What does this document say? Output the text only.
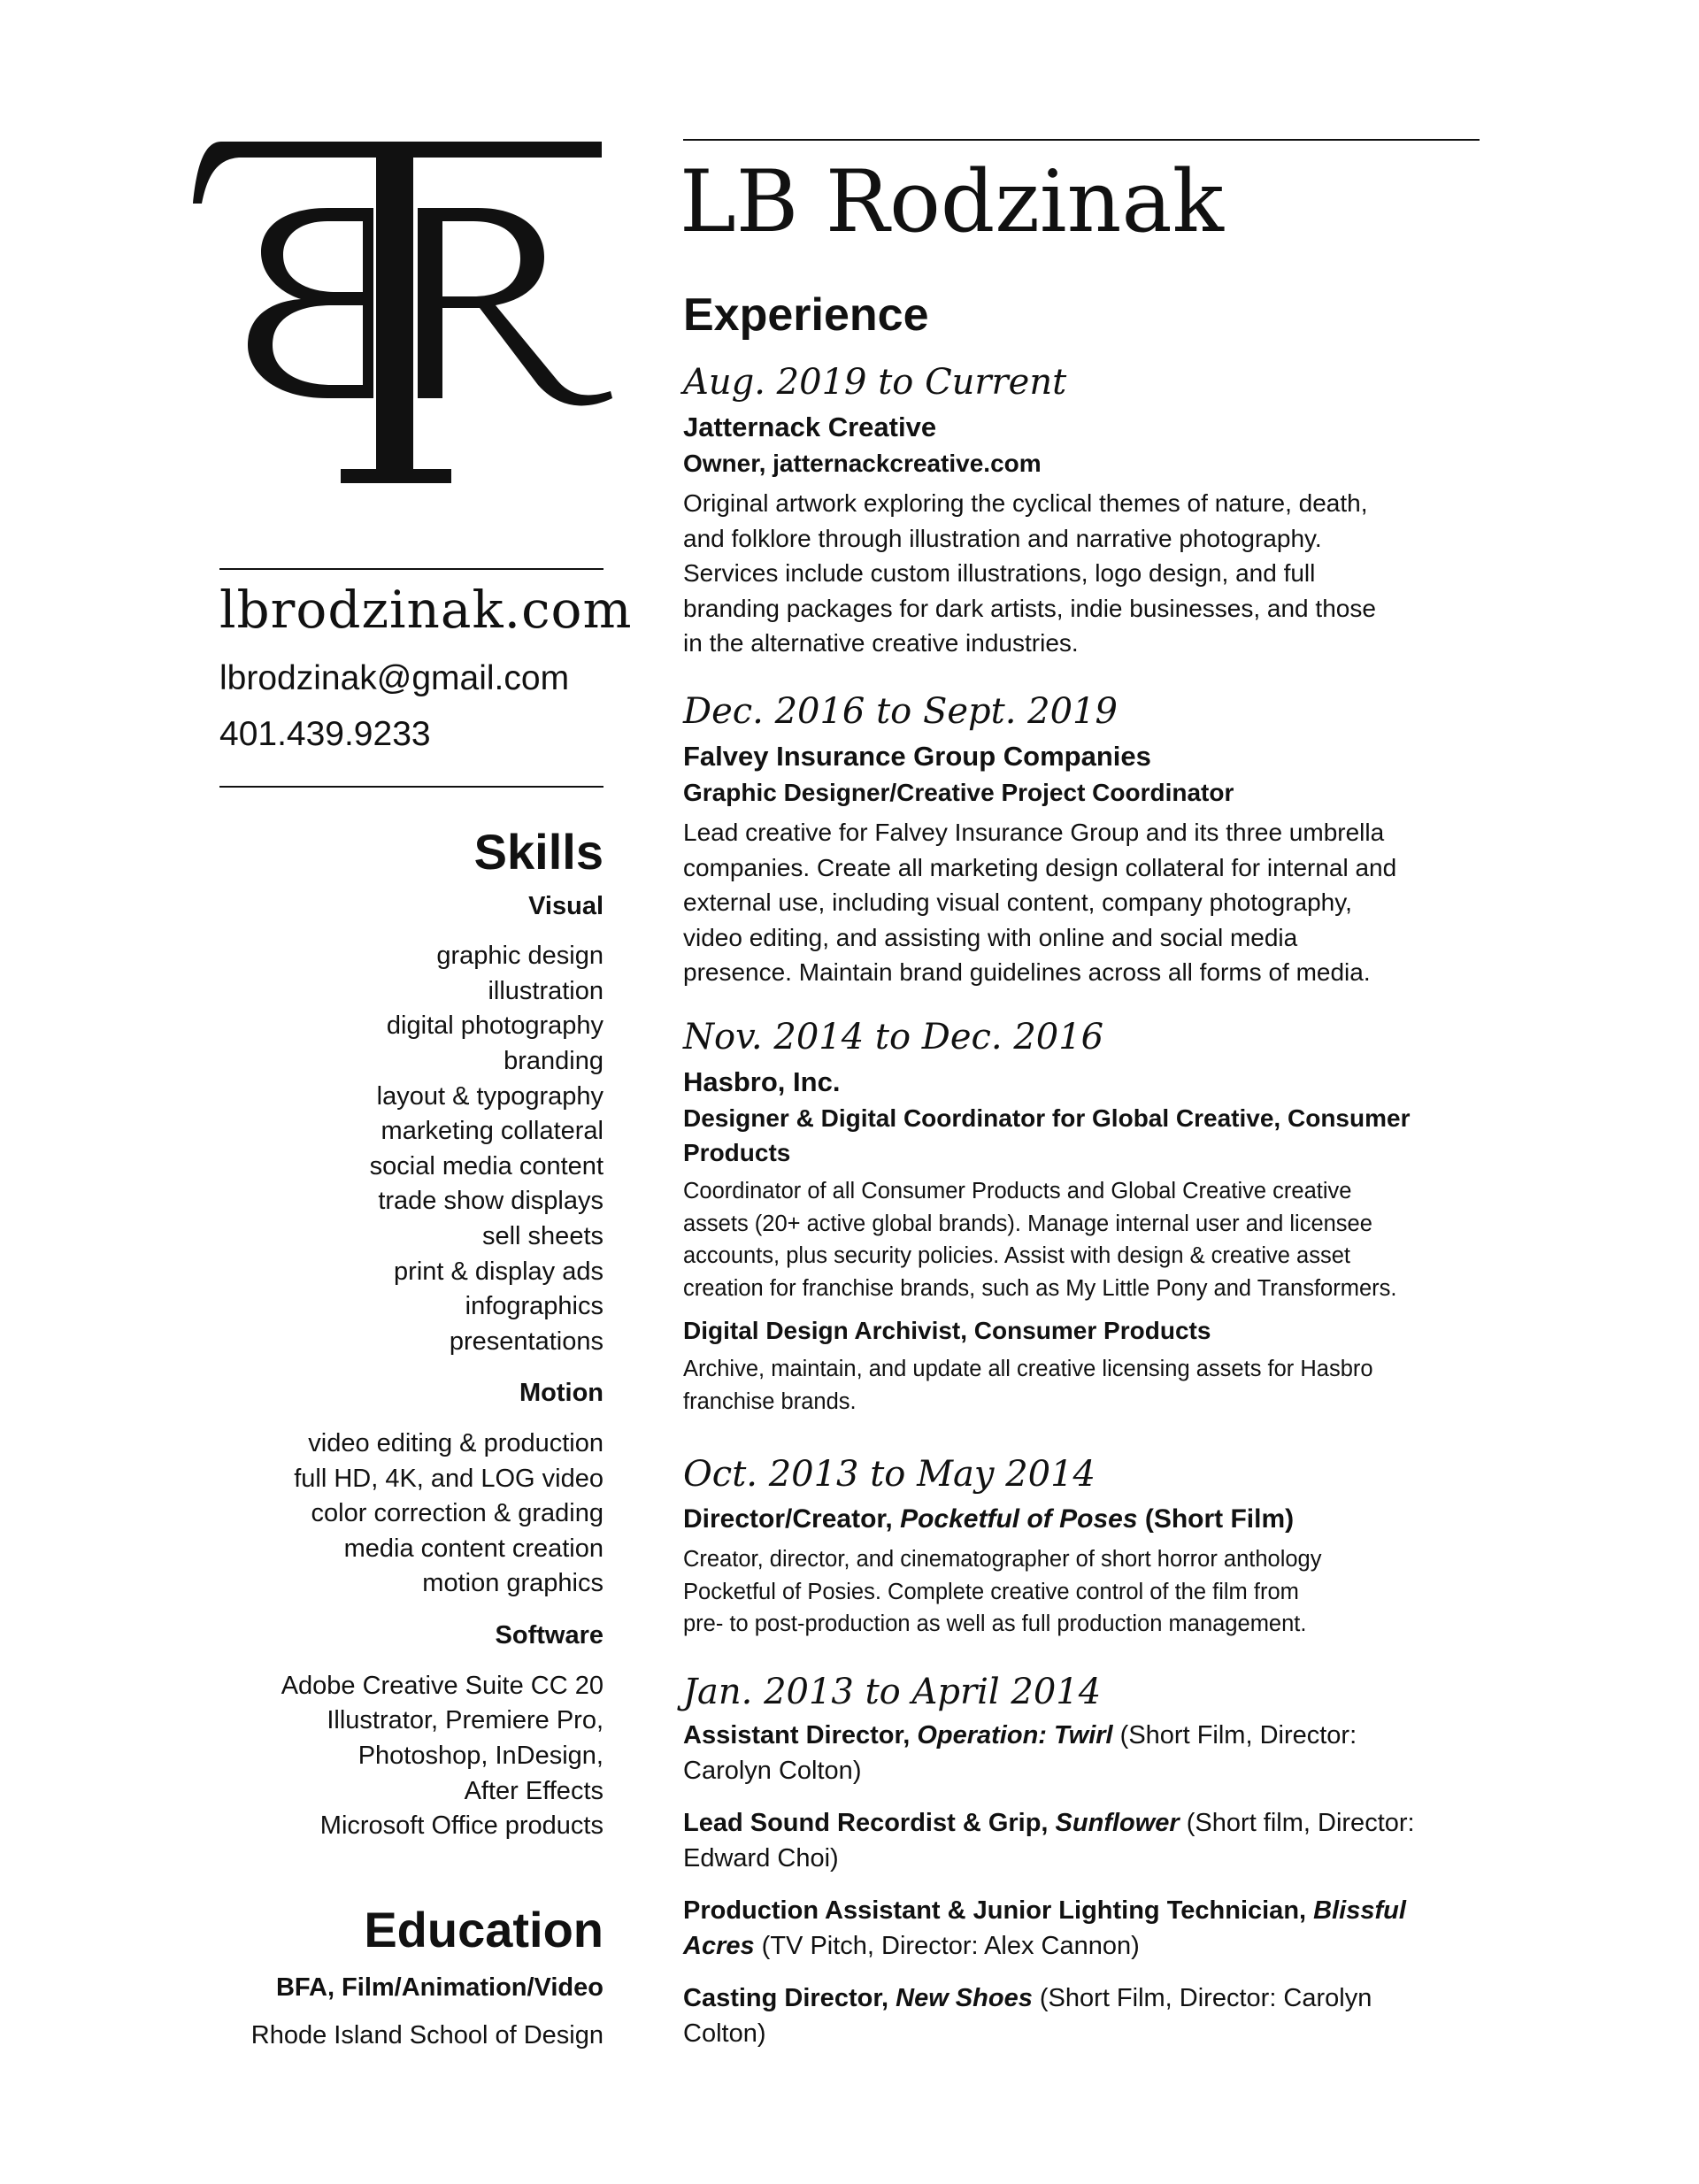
lbrodzinak.com
lbrodzinak@gmail.com
401.439.9233
Skills
Visual
graphic design
illustration
digital photography
branding
layout & typography
marketing collateral
social media content
trade show displays
sell sheets
print & display ads
infographics
presentations
Motion
video editing & production
full HD, 4K, and LOG video
color correction & grading
media content creation
motion graphics
Software
Adobe Creative Suite CC 20
Illustrator, Premiere Pro,
Photoshop, InDesign,
After Effects
Microsoft Office products
Education
BFA, Film/Animation/Video
Rhode Island School of Design
LB Rodzinak
Experience
Aug. 2019 to Current
Jatternack Creative
Owner, jatternackcreative.com
Original artwork exploring the cyclical themes of nature, death,
and folklore through illustration and narrative photography.
Services include custom illustrations, logo design, and full
branding packages for dark artists, indie businesses, and those
in the alternative creative industries.
Dec. 2016 to Sept. 2019
Falvey Insurance Group Companies
Graphic Designer/Creative Project Coordinator
Lead creative for Falvey Insurance Group and its three umbrella
companies. Create all marketing design collateral for internal and
external use, including visual content, company photography,
video editing, and assisting with online and social media
presence. Maintain brand guidelines across all forms of media.
Nov. 2014 to Dec. 2016
Hasbro, Inc.
Designer & Digital Coordinator for Global Creative, Consumer
Products
Coordinator of all Consumer Products and Global Creative creative
assets (20+ active global brands). Manage internal user and licensee
accounts, plus security policies. Assist with design & creative asset
creation for franchise brands, such as My Little Pony and Transformers.
Digital Design Archivist, Consumer Products
Archive, maintain, and update all creative licensing assets for Hasbro
franchise brands.
Oct. 2013 to May 2014
Director/Creator, Pocketful of Poses (Short Film)
Creator, director, and cinematographer of short horror anthology
Pocketful of Posies. Complete creative control of the film from
pre- to post-production as well as full production management.
Jan. 2013 to April 2014
Assistant Director, Operation: Twirl (Short Film, Director:
Carolyn Colton)
Lead Sound Recordist & Grip, Sunflower (Short film, Director:
Edward Choi)
Production Assistant & Junior Lighting Technician, Blissful
Acres (TV Pitch, Director: Alex Cannon)
Casting Director, New Shoes (Short Film, Director: Carolyn
Colton)
